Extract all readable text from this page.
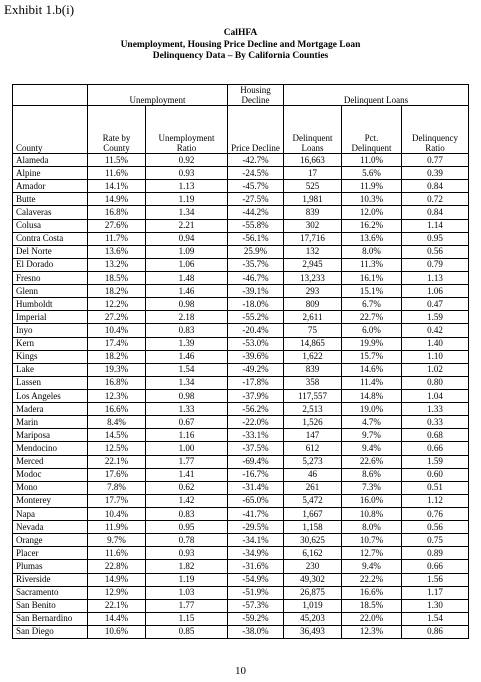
Exhibit 1.b(i)
CalHFA
Unemployment, Housing Price Decline and Mortgage Loan
Delinquency Data – By California Counties
	Unemployment		Housing Decline	Delinquent Loans		
County	Rate by County	Unemployment Ratio	Price Decline	Delinquent Loans	Pct. Delinquent	Delinquency Ratio
Alameda	11.5%	0.92	-42.7%	16,663	11.0%	0.77
Alpine	11.6%	0.93	-24.5%	17	5.6%	0.39
Amador	14.1%	1.13	-45.7%	525	11.9%	0.84
Butte	14.9%	1.19	-27.5%	1,981	10.3%	0.72
Calaveras	16.8%	1.34	-44.2%	839	12.0%	0.84
Colusa	27.6%	2.21	-55.8%	302	16.2%	1.14
Contra Costa	11.7%	0.94	-56.1%	17,716	13.6%	0.95
Del Norte	13.6%	1.09	25.9%	132	8.0%	0.56
El Dorado	13.2%	1.06	-35.7%	2,945	11.3%	0.79
Fresno	18.5%	1.48	-46.7%	13,233	16.1%	1.13
Glenn	18.2%	1.46	-39.1%	293	15.1%	1.06
Humboldt	12.2%	0.98	-18.0%	809	6.7%	0.47
Imperial	27.2%	2.18	-55.2%	2,611	22.7%	1.59
Inyo	10.4%	0.83	-20.4%	75	6.0%	0.42
Kern	17.4%	1.39	-53.0%	14,865	19.9%	1.40
Kings	18.2%	1.46	-39.6%	1,622	15.7%	1.10
Lake	19.3%	1.54	-49.2%	839	14.6%	1.02
Lassen	16.8%	1.34	-17.8%	358	11.4%	0.80
Los Angeles	12.3%	0.98	-37.9%	117,557	14.8%	1.04
Madera	16.6%	1.33	-56.2%	2,513	19.0%	1.33
Marin	8.4%	0.67	-22.0%	1,526	4.7%	0.33
Mariposa	14.5%	1.16	-33.1%	147	9.7%	0.68
Mendocino	12.5%	1.00	-37.5%	612	9.4%	0.66
Merced	22.1%	1.77	-69.4%	5,273	22.6%	1.59
Modoc	17.6%	1.41	-16.7%	46	8.6%	0.60
Mono	7.8%	0.62	-31.4%	261	7.3%	0.51
Monterey	17.7%	1.42	-65.0%	5,472	16.0%	1.12
Napa	10.4%	0.83	-41.7%	1,667	10.8%	0.76
Nevada	11.9%	0.95	-29.5%	1,158	8.0%	0.56
Orange	9.7%	0.78	-34.1%	30,625	10.7%	0.75
Placer	11.6%	0.93	-34.9%	6,162	12.7%	0.89
Plumas	22.8%	1.82	-31.6%	230	9.4%	0.66
Riverside	14.9%	1.19	-54.9%	49,302	22.2%	1.56
Sacramento	12.9%	1.03	-51.9%	26,875	16.6%	1.17
San Benito	22.1%	1.77	-57.3%	1,019	18.5%	1.30
San Bernardino	14.4%	1.15	-59.2%	45,203	22.0%	1.54
San Diego	10.6%	0.85	-38.0%	36,493	12.3%	0.86
10
